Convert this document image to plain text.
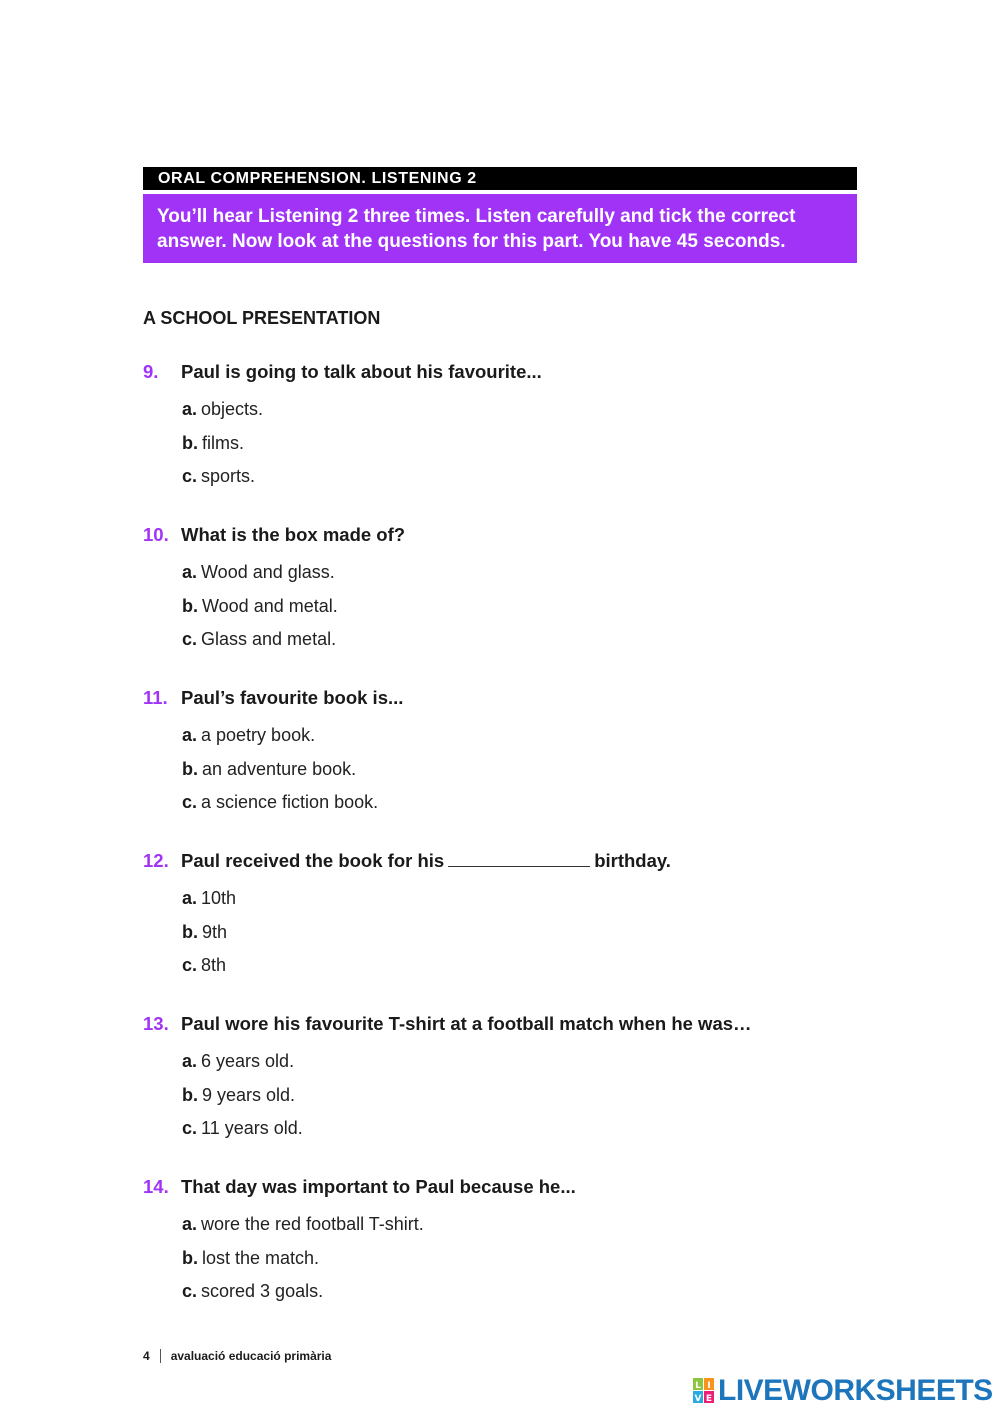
ORAL COMPREHENSION. LISTENING 2
You’ll hear Listening 2 three times. Listen carefully and tick the correct answer. Now look at the questions for this part. You have 45 seconds.
A SCHOOL PRESENTATION
9. Paul is going to talk about his favourite...
a. objects.
b. films.
c. sports.
10. What is the box made of?
a. Wood and glass.
b. Wood and metal.
c. Glass and metal.
11. Paul’s favourite book is...
a. a poetry book.
b. an adventure book.
c. a science fiction book.
12. Paul received the book for his	birthday.
a. 10th
b. 9th
c. 8th
13. Paul wore his favourite T-shirt at a football match when he was…
a. 6 years old.
b. 9 years old.
c. 11 years old.
14. That day was important to Paul because he...
a. wore the red football T-shirt.
b. lost the match.
c. scored 3 goals.
4 avaluació educació primària
L I
V E LIVEWORKSHEETS
